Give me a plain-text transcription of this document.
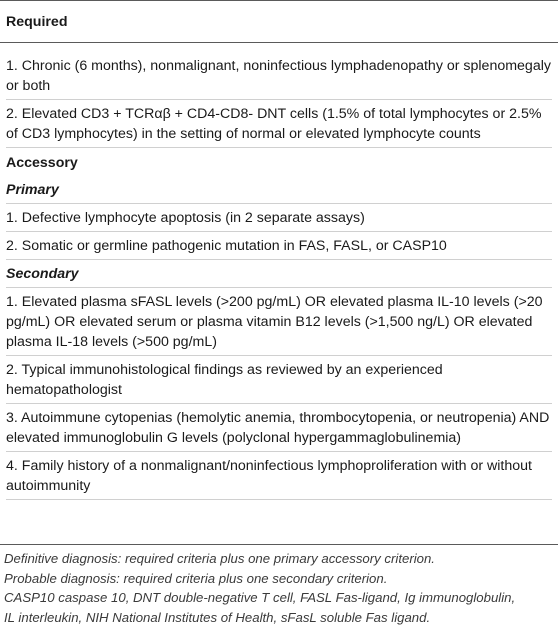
Required
1. Chronic (6 months), nonmalignant, noninfectious lymphadenopathy or splenomegaly or both
2. Elevated CD3 + TCRαβ + CD4-CD8- DNT cells (1.5% of total lymphocytes or 2.5% of CD3 lymphocytes) in the setting of normal or elevated lymphocyte counts
Accessory
Primary
1. Defective lymphocyte apoptosis (in 2 separate assays)
2. Somatic or germline pathogenic mutation in FAS, FASL, or CASP10
Secondary
1. Elevated plasma sFASL levels (>200 pg/mL) OR elevated plasma IL-10 levels (>20 pg/mL) OR elevated serum or plasma vitamin B12 levels (>1,500 ng/L) OR elevated plasma IL-18 levels (>500 pg/mL)
2. Typical immunohistological findings as reviewed by an experienced hematopathologist
3. Autoimmune cytopenias (hemolytic anemia, thrombocytopenia, or neutropenia) AND elevated immunoglobulin G levels (polyclonal hypergammaglobulinemia)
4. Family history of a nonmalignant/noninfectious lymphoproliferation with or without autoimmunity
Definitive diagnosis: required criteria plus one primary accessory criterion.
Probable diagnosis: required criteria plus one secondary criterion.
CASP10 caspase 10, DNT double-negative T cell, FASL Fas-ligand, Ig immunoglobulin,
IL interleukin, NIH National Institutes of Health, sFasL soluble Fas ligand.
